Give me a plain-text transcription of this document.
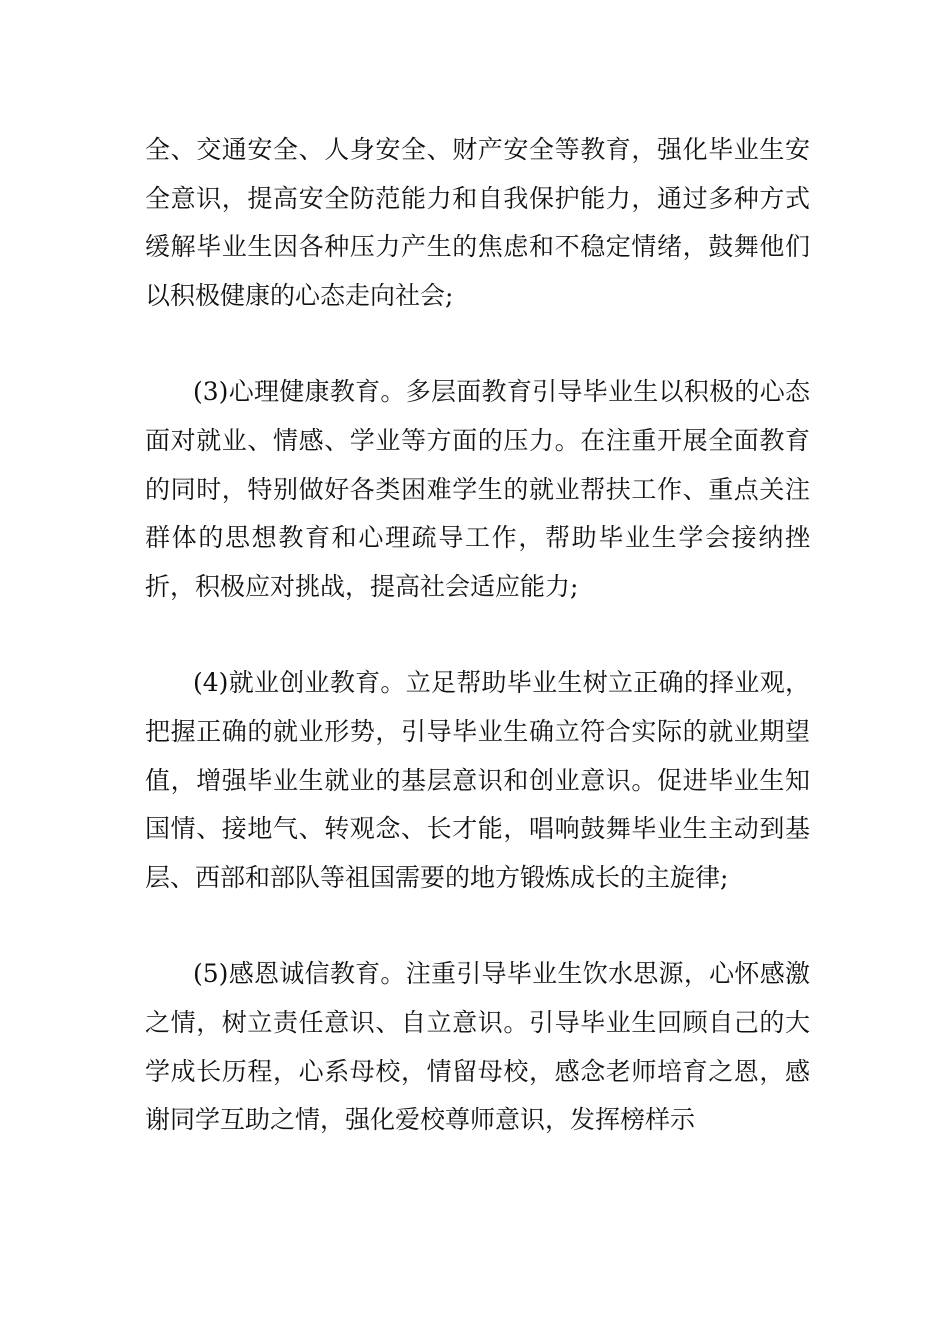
全、交通安全、人身安全、财产安全等教育，强化毕业生安全意识，提高安全防范能力和自我保护能力，通过多种方式缓解毕业生因各种压力产生的焦虑和不稳定情绪，鼓舞他们以积极健康的心态走向社会;

(3)心理健康教育。多层面教育引导毕业生以积极的心态面对就业、情感、学业等方面的压力。在注重开展全面教育的同时，特别做好各类困难学生的就业帮扶工作、重点关注群体的思想教育和心理疏导工作，帮助毕业生学会接纳挫折，积极应对挑战，提高社会适应能力;

(4)就业创业教育。立足帮助毕业生树立正确的择业观，把握正确的就业形势，引导毕业生确立符合实际的就业期望值，增强毕业生就业的基层意识和创业意识。促进毕业生知国情、接地气、转观念、长才能，唱响鼓舞毕业生主动到基层、西部和部队等祖国需要的地方锻炼成长的主旋律;

(5)感恩诚信教育。注重引导毕业生饮水思源，心怀感激之情，树立责任意识、自立意识。引导毕业生回顾自己的大学成长历程，心系母校，情留母校，感念老师培育之恩，感谢同学互助之情，强化爱校尊师意识，发挥榜样示
